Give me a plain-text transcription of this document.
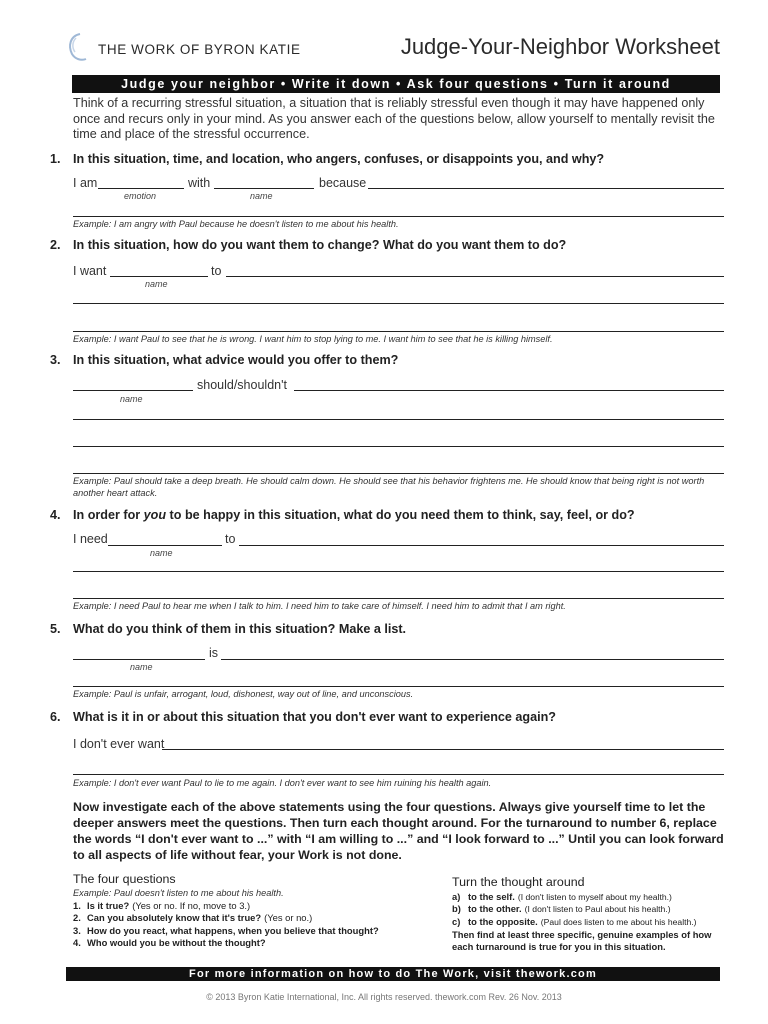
THE WORK OF BYRON KATIE	Judge-Your-Neighbor Worksheet
Judge your neighbor • Write it down • Ask four questions • Turn it around
Think of a recurring stressful situation, a situation that is reliably stressful even though it may have happened only once and recurs only in your mind. As you answer each of the questions below, allow yourself to mentally revisit the time and place of the stressful occurrence.
1. In this situation, time, and location, who angers, confuses, or disappoints you, and why?
I am
emotion
with
name
because
Example: I am angry with Paul because he doesn't listen to me about his health.
2. In this situation, how do you want them to change? What do you want them to do?
I want
name
to
Example: I want Paul to see that he is wrong. I want him to stop lying to me. I want him to see that he is killing himself.
3. In this situation, what advice would you offer to them?
name
should/shouldn't
Example: Paul should take a deep breath. He should calm down. He should see that his behavior frightens me. He should know that being right is not worth another heart attack.
4. In order for you to be happy in this situation, what do you need them to think, say, feel, or do?
I need
name
to
Example: I need Paul to hear me when I talk to him. I need him to take care of himself. I need him to admit that I am right.
5. What do you think of them in this situation? Make a list.
name
is
Example: Paul is unfair, arrogant, loud, dishonest, way out of line, and unconscious.
6. What is it in or about this situation that you don't ever want to experience again?
I don't ever want
Example: I don't ever want Paul to lie to me again. I don't ever want to see him ruining his health again.
Now investigate each of the above statements using the four questions. Always give yourself time to let the deeper answers meet the questions. Then turn each thought around. For the turnaround to number 6, replace the words “I don't ever want to ...” with “I am willing to ...” and “I look forward to ...” Until you can look forward to all aspects of life without fear, your Work is not done.
The four questions
Example: Paul doesn't listen to me about his health.
1. Is it true? (Yes or no. If no, move to 3.)
2. Can you absolutely know that it's true? (Yes or no.)
3. How do you react, what happens, when you believe that thought?
4. Who would you be without the thought?
Turn the thought around
a) to the self. (I don't listen to myself about my health.)
b) to the other. (I don't listen to Paul about his health.)
c) to the opposite. (Paul does listen to me about his health.)
Then find at least three specific, genuine examples of how each turnaround is true for you in this situation.
For more information on how to do The Work, visit thework.com
© 2013 Byron Katie International, Inc. All rights reserved. thework.com Rev. 26 Nov. 2013
